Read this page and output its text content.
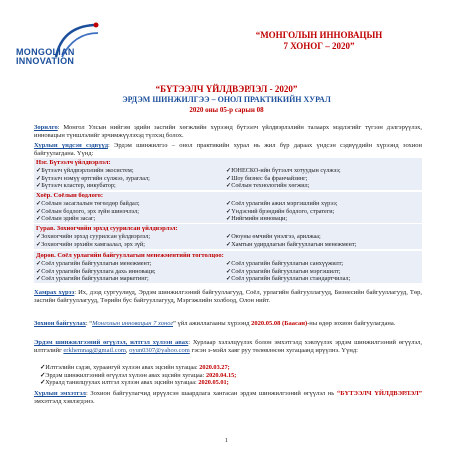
MONGOLIAN
INNOVATION
“МОНГОЛЫН ИННОВАЦЫН
7 ХОНОГ – 2020”
“БҮТЭЭЛЧ ҮЙЛДВЭРЛЭЛ - 2020”
ЭРДЭМ ШИНЖИЛГЭЭ – ОНОЛ ПРАКТИКИЙН ХУРАЛ
2020 оны 05-р сарын 08
Зорилго: Монгол Улсын нийгэм эдийн засгийн хөгжлийн хүрээнд бүтээлч үйлдвэрлэлийн талаарх мэдлэгийг түгээн дэлгэрүүлэх, инновацын түншлэлийг эрчимжүүлэхэд түлхэц болох.
Хурлын үндсэн сэдвүүд: Эрдэм шинжилгээ – онол практикийн хурал нь жил бүр дараах үндсэн сэдвүүдийн хүрээнд зохион байгуулагдана. Үүнд:
Нэг. Бүтээлч үйлдвэрлэл:
✓ Бүтээлч үйлдвэрлэлийн экосистем;	✓ ЮНЕСКО-ийн бүтээлч хотуудын сүлжээ;
✓ Бүтээлч нэмүү өртгийн сүлжээ, зураглал;	✓ Шоу бизнес ба франчайзинг;
✓ Бүтээлч кластер, инкубатор;	✓ Соёлын технологийн хөгжил;
Хоёр. Соёлын бодлого:
✓ Соёлын засаглалын төгөлдөр байдал;	✓ Соёл урлагийн ажил мэргэшлийн хүрээ;
✓ Соёлын бодлого, эрх зүйн шинэчлэл;	✓ Үндэсний брэндийн бодлого, стратеги;
✓ Соёлын эдийн засаг;	✓ Нийгмийн инноваци;
Гурав. Зохиогчийн эрхэд суурилсан үйлдвэрлэл:
✓ Зохиогчийн эрхэд суурилсан үйлдвэрлэл;	✓ Оюуны өмчийн үнэлгээ, арилжаа;
✓ Зохиогчийн эрхийн хамгаалал, эрх зүй;	✓ Хамтын удирдлагын байгууллагын менежмент;
Дөрөв. Соёл урлагийн байгууллагын менежментийн тогтолцоо:
✓ Соёл урлагийн байгууллагын менежмент;	✓ Соёл урлагийн байгууллагын санхүүжилт;
✓ Соёл урлагийн байгууллага дахь инноваци;	✓ Соёл урлагийн байгууллагын мэргэшилт;
✓ Соёл урлагийн байгууллагын маркетинг;	✓ Соёл урлагийн байгууллагын стандартчилал;
Хамрах хүрээ: Их, дээд сургуулиуд, Эрдэм шинжилгээний байгууллагууд, Соёл, урлагийн байгууллагууд, Бизнесийн байгууллагууд, Төр, засгийн байгууллагууд, Төрийн бус байгууллагууд, Мэргэжлийн холбоод, Олон нийт.
Зохион байгуулах: “Монголын инновацын 7 хоног” үйл ажиллагааны хүрээнд 2020.05.08 (Баасан)-ны өдөр зохион байгуулагдана.
Эрдэм шинжилгээний өгүүлэл, илтгэл хүлээн авах: Хурлаар хэлэлцүүлэх болон эмхэтгэлд хэвлүүлэх эрдэм шинжилгээний өгүүлэл, илтгэлийг erkhemnag@gmail.com, oyun0307@yahoo.com гэсэн э-мэйл хаяг руу төлөвлөсөн хугацаанд ирүүлнэ. Үүнд:
✓ Илтгэлийн сэдэв, хураангуй хүлээн авах эцсийн хугацаа: 2020.03.27;
✓ Эрдэм шинжилгээний өгүүлэл хүлээн авах эцсийн хугацаа: 2020.04.15;
✓ Хуралд танилцуулах илтгэл хүлээн авах эцсийн хугацаа: 2020.05.01;
Хурлын эмхэтгэл: Зохион байгуулагчид ирүүлсэн шаардлага хангасан эрдэм шинжилгээний өгүүлэл нь “БҮТЭЭЛЧ ҮЙЛДВЭРЛЭЛ” эмхэтгэлд хэвлэгдэнэ.
1
